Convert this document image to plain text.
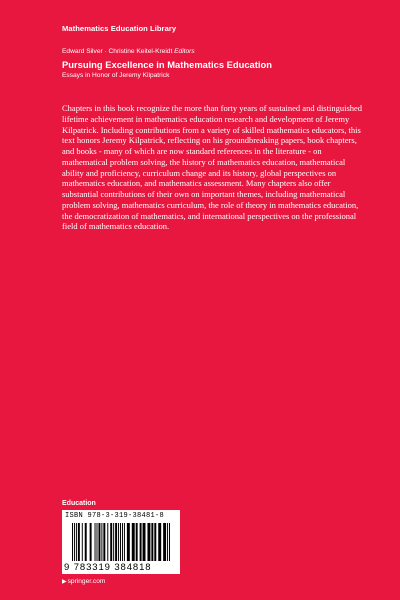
Mathematics Education Library
Edward Silver · Christine Keitel-Kreidt Editors
Pursuing Excellence in Mathematics Education
Essays in Honor of Jeremy Kilpatrick

Chapters in this book recognize the more than forty years of sustained and distinguished lifetime achievement in mathematics education research and development of Jeremy Kilpatrick. Including contributions from a variety of skilled mathematics educators, this text honors Jeremy Kilpatrick, reflecting on his groundbreaking papers, book chapters, and books - many of which are now standard references in the literature - on mathematical problem solving, the history of mathematics education, mathematical ability and proficiency, curriculum change and its history, global perspectives on mathematics education, and mathematics assessment. Many chapters also offer substantial contributions of their own on important themes, including mathematical problem solving, mathematics curriculum, the role of theory in mathematics education, the democratization of mathematics, and international perspectives on the professional field of mathematics education.

Education
ISBN 978-3-319-38481-8
9 783319 384818
▶springer.com
